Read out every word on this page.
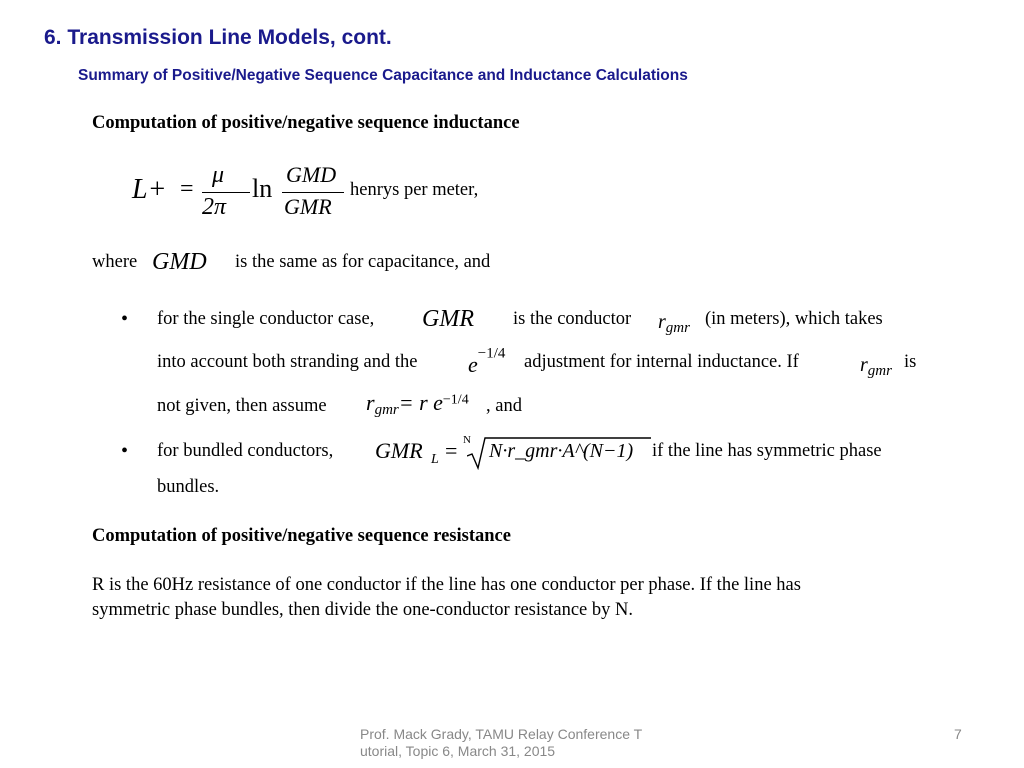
6. Transmission Line Models, cont.
Summary of Positive/Negative Sequence Capacitance and Inductance Calculations
Computation of positive/negative sequence inductance
L+ =
μ
2π
ln GMD
GMR
henrys per meter,
where GMD is the same as for capacitance, and
• for the single conductor case, GMR is the conductor $r_{gmr}$ (in meters), which takes
into account both stranding and the $e^{-1/4}$ adjustment for internal inductance. If	$r_{gmr}$ is
not given, then assume $r_{gmr}= r$ $e^{-1/4}$ , and
• for bundled conductors, GMR L = N N·r_gmr·A^(N−1) if the line has symmetric phase
bundles.
Computation of positive/negative sequence resistance
R is the 60Hz resistance of one conductor if the line has one conductor per phase. If the line has
symmetric phase bundles, then divide the one-conductor resistance by N.
Prof. Mack Grady, TAMU Relay Conference T
utorial, Topic 6, March 31, 2015
7
